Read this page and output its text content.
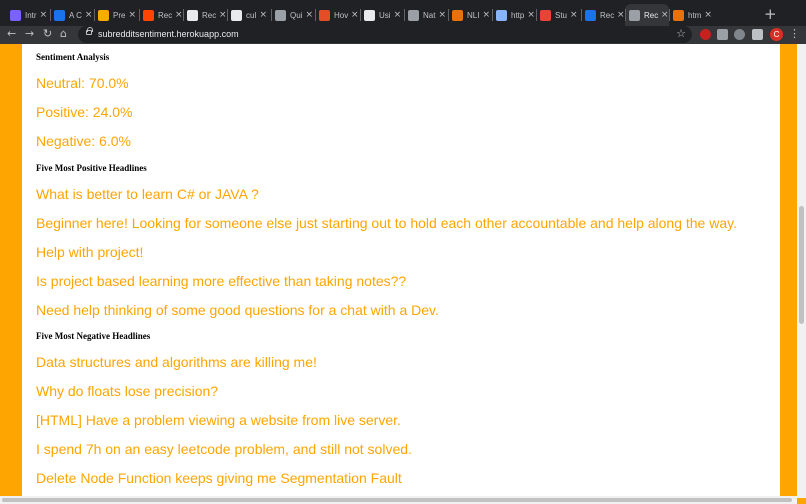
Intr ×	A C ×	Pre ×	Rec × Rec × cul ×	Qui ×	Hov ×	Usi ×	Nat ×	NLI ×	http ×	Stu ×	Rec × Rec × htm ×	+
← → ↻ ⌂	subredditsentiment.herokuapp.com	☆	C ⋮
Sentiment Analysis
Neutral: 70.0%
Positive: 24.0%
Negative: 6.0%
Five Most Positive Headlines
What is better to learn C# or JAVA ?
Beginner here! Looking for someone else just starting out to hold each other accountable and help along the way.
Help with project!
Is project based learning more effective than taking notes??
Need help thinking of some good questions for a chat with a Dev.
Five Most Negative Headlines
Data structures and algorithms are killing me!
Why do floats lose precision?
[HTML] Have a problem viewing a website from live server.
I spend 7h on an easy leetcode problem, and still not solved.
Delete Node Function keeps giving me Segmentation Fault
